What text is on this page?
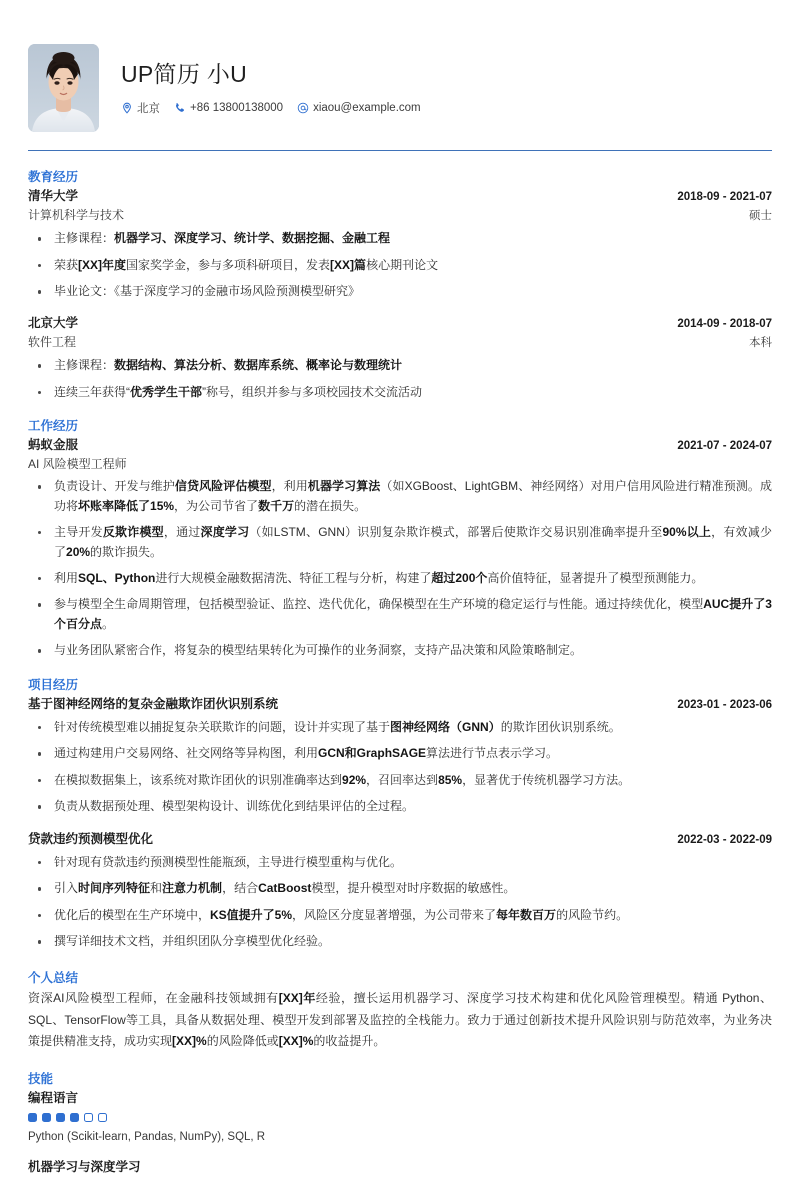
UP简历 小U
北京	+86 13800138000	xiaou@example.com
教育经历
清华大学	2018-09 - 2021-07
计算机科学与技术	硕士
主修课程：机器学习、深度学习、统计学、数据挖掘、金融工程
荣获[XX]年度国家奖学金，参与多项科研项目，发表[XX]篇核心期刊论文
毕业论文：《基于深度学习的金融市场风险预测模型研究》
北京大学	2014-09 - 2018-07
软件工程	本科
主修课程：数据结构、算法分析、数据库系统、概率论与数理统计
连续三年获得“优秀学生干部”称号，组织并参与多项校园技术交流活动
工作经历
蚂蚁金服	2021-07 - 2024-07
AI 风险模型工程师
负责设计、开发与维护信贷风险评估模型，利用机器学习算法（如XGBoost、LightGBM、神经网络）对用户信用风险进行精准预测。成功将坏账率降低了15%，为公司节省了数千万的潜在损失。
主导开发反欺诈模型，通过深度学习（如LSTM、GNN）识别复杂欺诈模式，部署后使欺诈交易识别准确率提升至90%以上，有效减少了20%的欺诈损失。
利用SQL、Python进行大规模金融数据清洗、特征工程与分析，构建了超过200个高价值特征，显著提升了模型预测能力。
参与模型全生命周期管理，包括模型验证、监控、迭代优化，确保模型在生产环境的稳定运行与性能。通过持续优化，模型AUC提升了3个百分点。
与业务团队紧密合作，将复杂的模型结果转化为可操作的业务洞察，支持产品决策和风险策略制定。
项目经历
基于图神经网络的复杂金融欺诈团伙识别系统	2023-01 - 2023-06
针对传统模型难以捕捉复杂关联欺诈的问题，设计并实现了基于图神经网络（GNN）的欺诈团伙识别系统。
通过构建用户交易网络、社交网络等异构图，利用GCN和GraphSAGE算法进行节点表示学习。
在模拟数据集上，该系统对欺诈团伙的识别准确率达到92%，召回率达到85%，显著优于传统机器学习方法。
负责从数据预处理、模型架构设计、训练优化到结果评估的全过程。
贷款违约预测模型优化	2022-03 - 2022-09
针对现有贷款违约预测模型性能瓶颈，主导进行模型重构与优化。
引入时间序列特征和注意力机制，结合CatBoost模型，提升模型对时序数据的敏感性。
优化后的模型在生产环境中，KS值提升了5%，风险区分度显著增强，为公司带来了每年数百万的风险节约。
撰写详细技术文档，并组织团队分享模型优化经验。
个人总结

资深AI风险模型工程师，在金融科技领域拥有[XX]年经验，擅长运用机器学习、深度学习技术构建和优化风险管理模型。精通 Python、SQL、TensorFlow等工具，具备从数据处理、模型开发到部署及监控的全栈能力。致力于通过创新技术提升风险识别与防范效率，为业务决策提供精准支持，成功实现[XX]%的风险降低或[XX]%的收益提升。

技能
编程语言
Python (Scikit-learn, Pandas, NumPy), SQL, R
机器学习与深度学习
